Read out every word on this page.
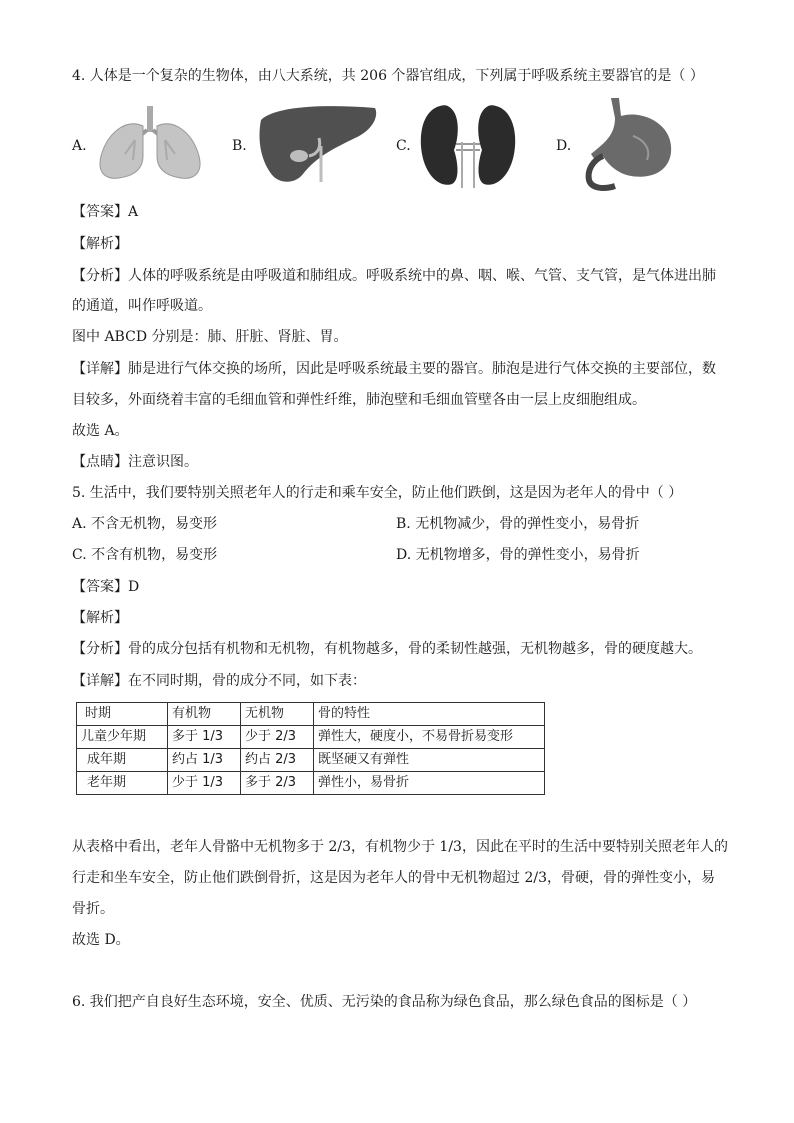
4. 人体是一个复杂的生物体，由八大系统，共 206 个器官组成，下列属于呼吸系统主要器官的是（ ）
A.	B.	C.	D.
【答案】A
【解析】
【分析】人体的呼吸系统是由呼吸道和肺组成。呼吸系统中的鼻、咽、喉、气管、支气管，是气体进出肺
的通道，叫作呼吸道。
图中 ABCD 分别是：肺、肝脏、肾脏、胃。
【详解】肺是进行气体交换的场所，因此是呼吸系统最主要的器官。肺泡是进行气体交换的主要部位，数
目较多，外面绕着丰富的毛细血管和弹性纤维，肺泡壁和毛细血管壁各由一层上皮细胞组成。
故选 A。
【点睛】注意识图。
5. 生活中，我们要特别关照老年人的行走和乘车安全，防止他们跌倒，这是因为老年人的骨中（ ）
A. 不含无机物，易变形	B. 无机物减少，骨的弹性变小，易骨折
C. 不含有机物，易变形	D. 无机物增多，骨的弹性变小，易骨折
【答案】D
【解析】
【分析】骨的成分包括有机物和无机物，有机物越多，骨的柔韧性越强，无机物越多，骨的硬度越大。
【详解】在不同时期，骨的成分不同，如下表：
时期	有机物	无机物	骨的特性
儿童少年期	多于 1/3	少于 2/3	弹性大，硬度小，不易骨折易变形
成年期	约占 1/3	约占 2/3	既坚硬又有弹性
老年期	少于 1/3	多于 2/3	弹性小，易骨折
从表格中看出，老年人骨骼中无机物多于 2/3，有机物少于 1/3，因此在平时的生活中要特别关照老年人的
行走和坐车安全，防止他们跌倒骨折，这是因为老年人的骨中无机物超过 2/3，骨硬，骨的弹性变小，易
骨折。
故选 D。
6. 我们把产自良好生态环境，安全、优质、无污染的食品称为绿色食品，那么绿色食品的图标是（ ）
